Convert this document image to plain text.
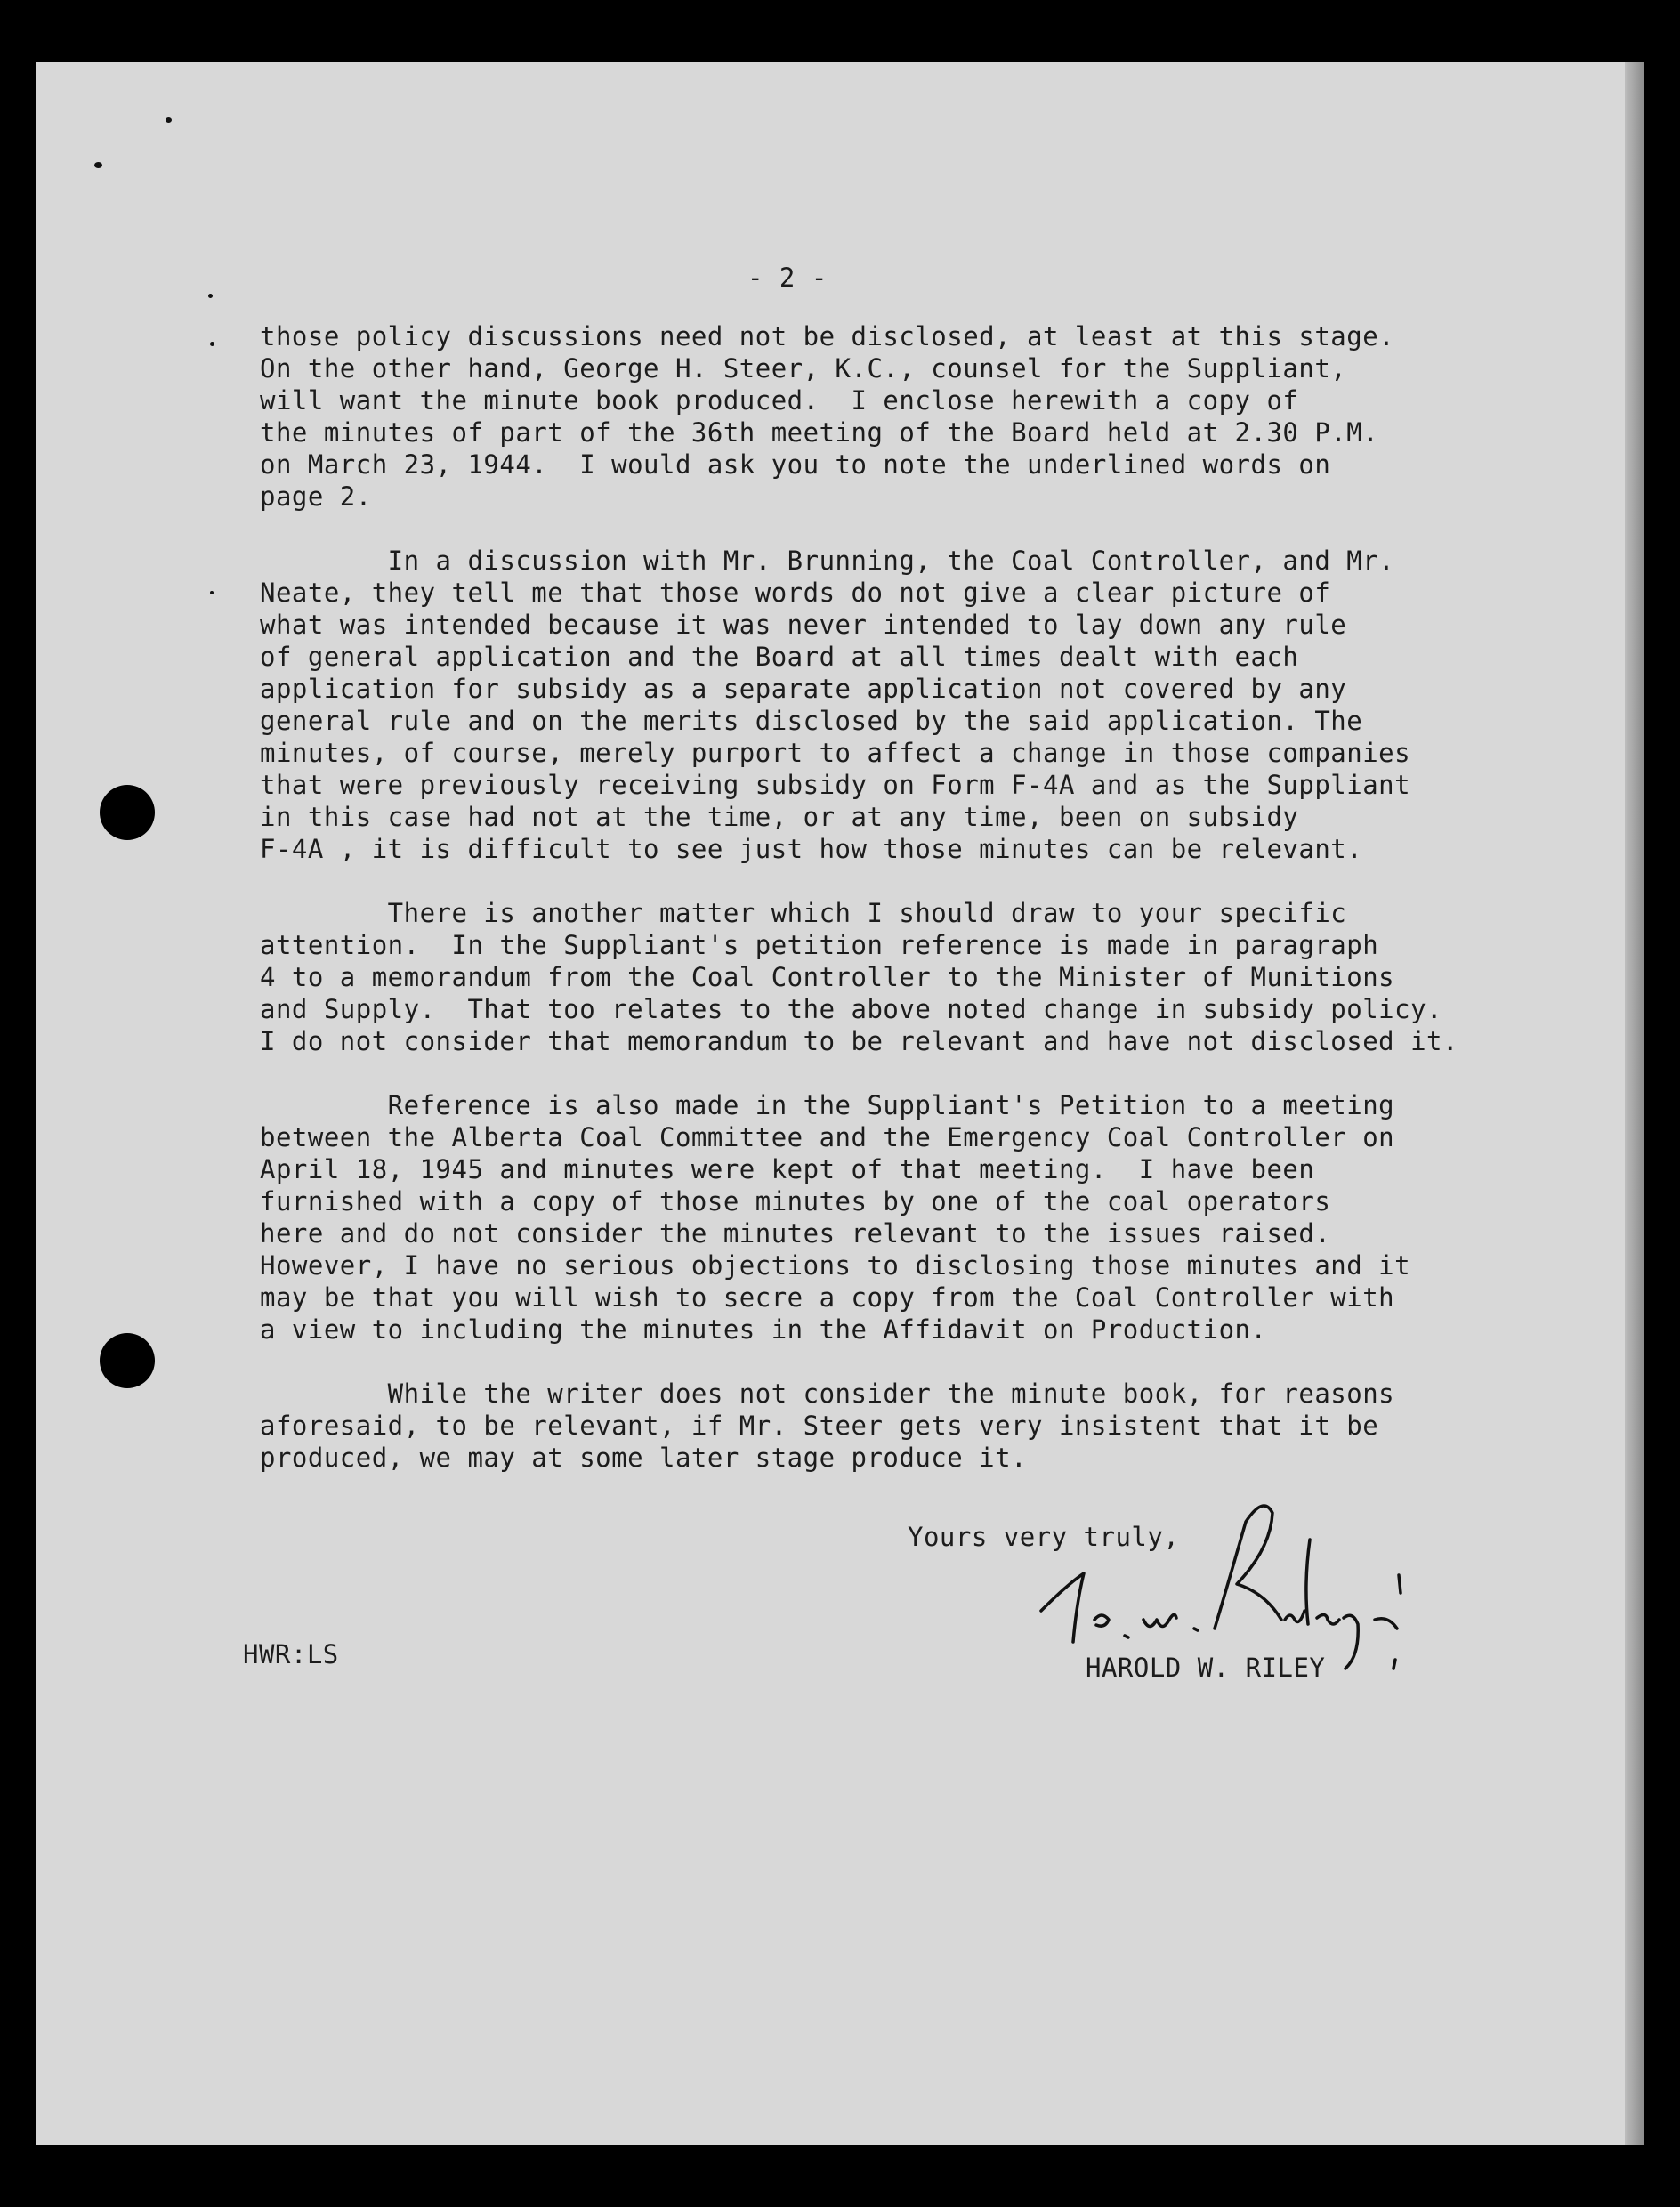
- 2 -

those policy discussions need not be disclosed, at least at this stage.

On the other hand, George H. Steer, K.C., counsel for the Suppliant,

will want the minute book produced.  I enclose herewith a copy of

the minutes of part of the 36th meeting of the Board held at 2.30 P.M.

on March 23, 1944.  I would ask you to note the underlined words on

page 2.

In a discussion with Mr. Brunning, the Coal Controller, and Mr.

Neate, they tell me that those words do not give a clear picture of

what was intended because it was never intended to lay down any rule

of general application and the Board at all times dealt with each

application for subsidy as a separate application not covered by any

general rule and on the merits disclosed by the said application. The

minutes, of course, merely purport to affect a change in those companies

that were previously receiving subsidy on Form F-4A and as the Suppliant

in this case had not at the time, or at any time, been on subsidy

F-4A , it is difficult to see just how those minutes can be relevant.

There is another matter which I should draw to your specific

attention.  In the Suppliant's petition reference is made in paragraph

4 to a memorandum from the Coal Controller to the Minister of Munitions

and Supply.  That too relates to the above noted change in subsidy policy.

I do not consider that memorandum to be relevant and have not disclosed it.

Reference is also made in the Suppliant's Petition to a meeting

between the Alberta Coal Committee and the Emergency Coal Controller on

April 18, 1945 and minutes were kept of that meeting.  I have been

furnished with a copy of those minutes by one of the coal operators

here and do not consider the minutes relevant to the issues raised.

However, I have no serious objections to disclosing those minutes and it

may be that you will wish to secre a copy from the Coal Controller with

a view to including the minutes in the Affidavit on Production.

While the writer does not consider the minute book, for reasons

aforesaid, to be relevant, if Mr. Steer gets very insistent that it be

produced, we may at some later stage produce it.

Yours very truly,
HWR:LS	HAROLD W. RILEY
